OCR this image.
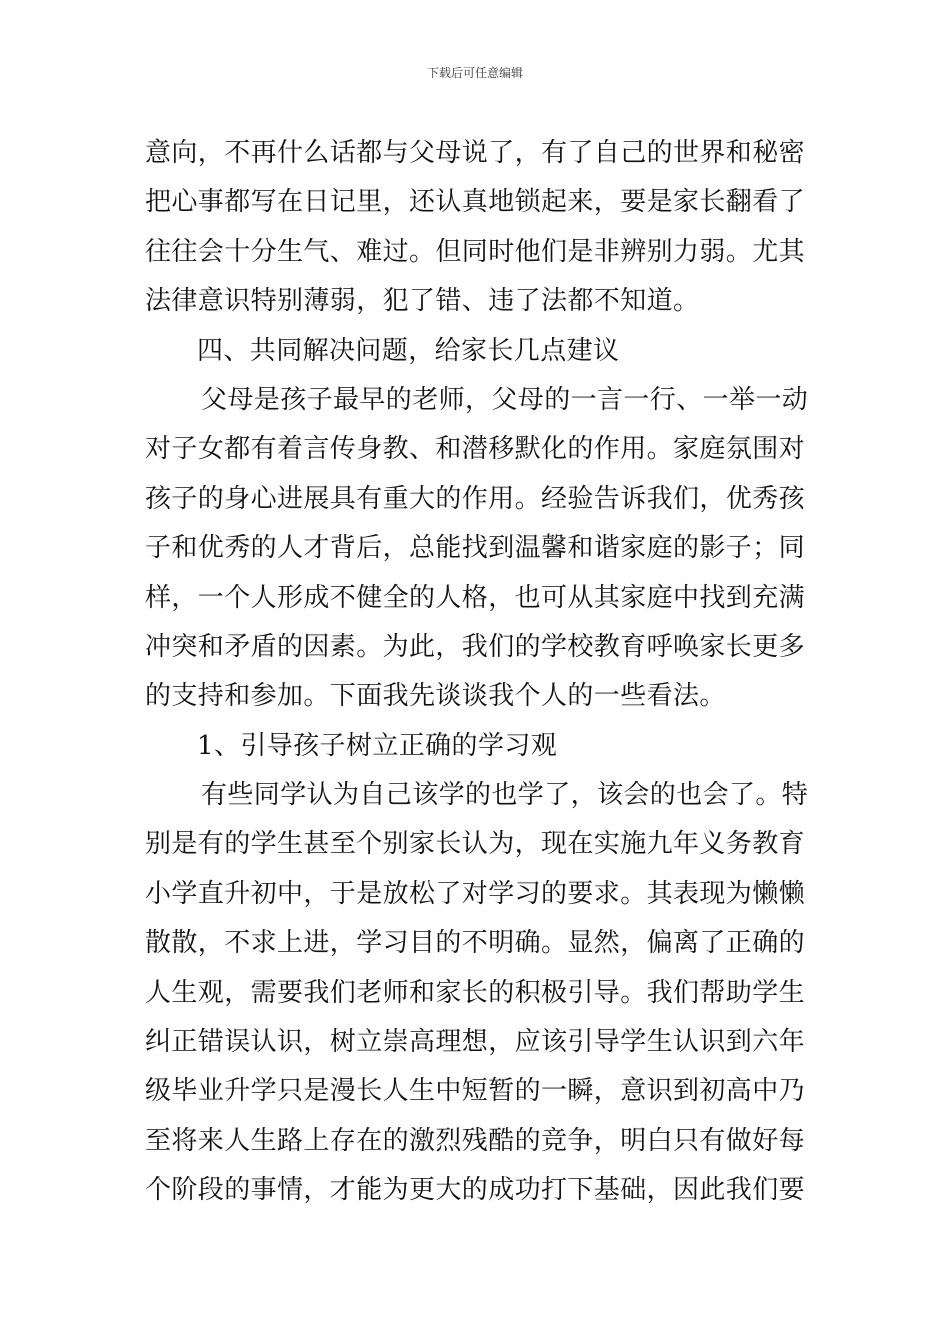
下载后可任意编辑
意向，不再什么话都与父母说了，有了自己的世界和秘密
把心事都写在日记里，还认真地锁起来，要是家长翻看了
往往会十分生气、难过。但同时他们是非辨别力弱。尤其
法律意识特别薄弱，犯了错、违了法都不知道。
四、共同解决问题，给家长几点建议
父母是孩子最早的老师，父母的一言一行、一举一动
对子女都有着言传身教、和潜移默化的作用。家庭氛围对
孩子的身心进展具有重大的作用。经验告诉我们，优秀孩
子和优秀的人才背后，总能找到温馨和谐家庭的影子；同
样，一个人形成不健全的人格，也可从其家庭中找到充满
冲突和矛盾的因素。为此，我们的学校教育呼唤家长更多
的支持和参加。下面我先谈谈我个人的一些看法。
1、引导孩子树立正确的学习观
有些同学认为自己该学的也学了，该会的也会了。特
别是有的学生甚至个别家长认为，现在实施九年义务教育
小学直升初中，于是放松了对学习的要求。其表现为懒懒
散散，不求上进，学习目的不明确。显然，偏离了正确的
人生观，需要我们老师和家长的积极引导。我们帮助学生
纠正错误认识，树立崇高理想，应该引导学生认识到六年
级毕业升学只是漫长人生中短暂的一瞬，意识到初高中乃
至将来人生路上存在的激烈残酷的竞争，明白只有做好每
个阶段的事情，才能为更大的成功打下基础，因此我们要
